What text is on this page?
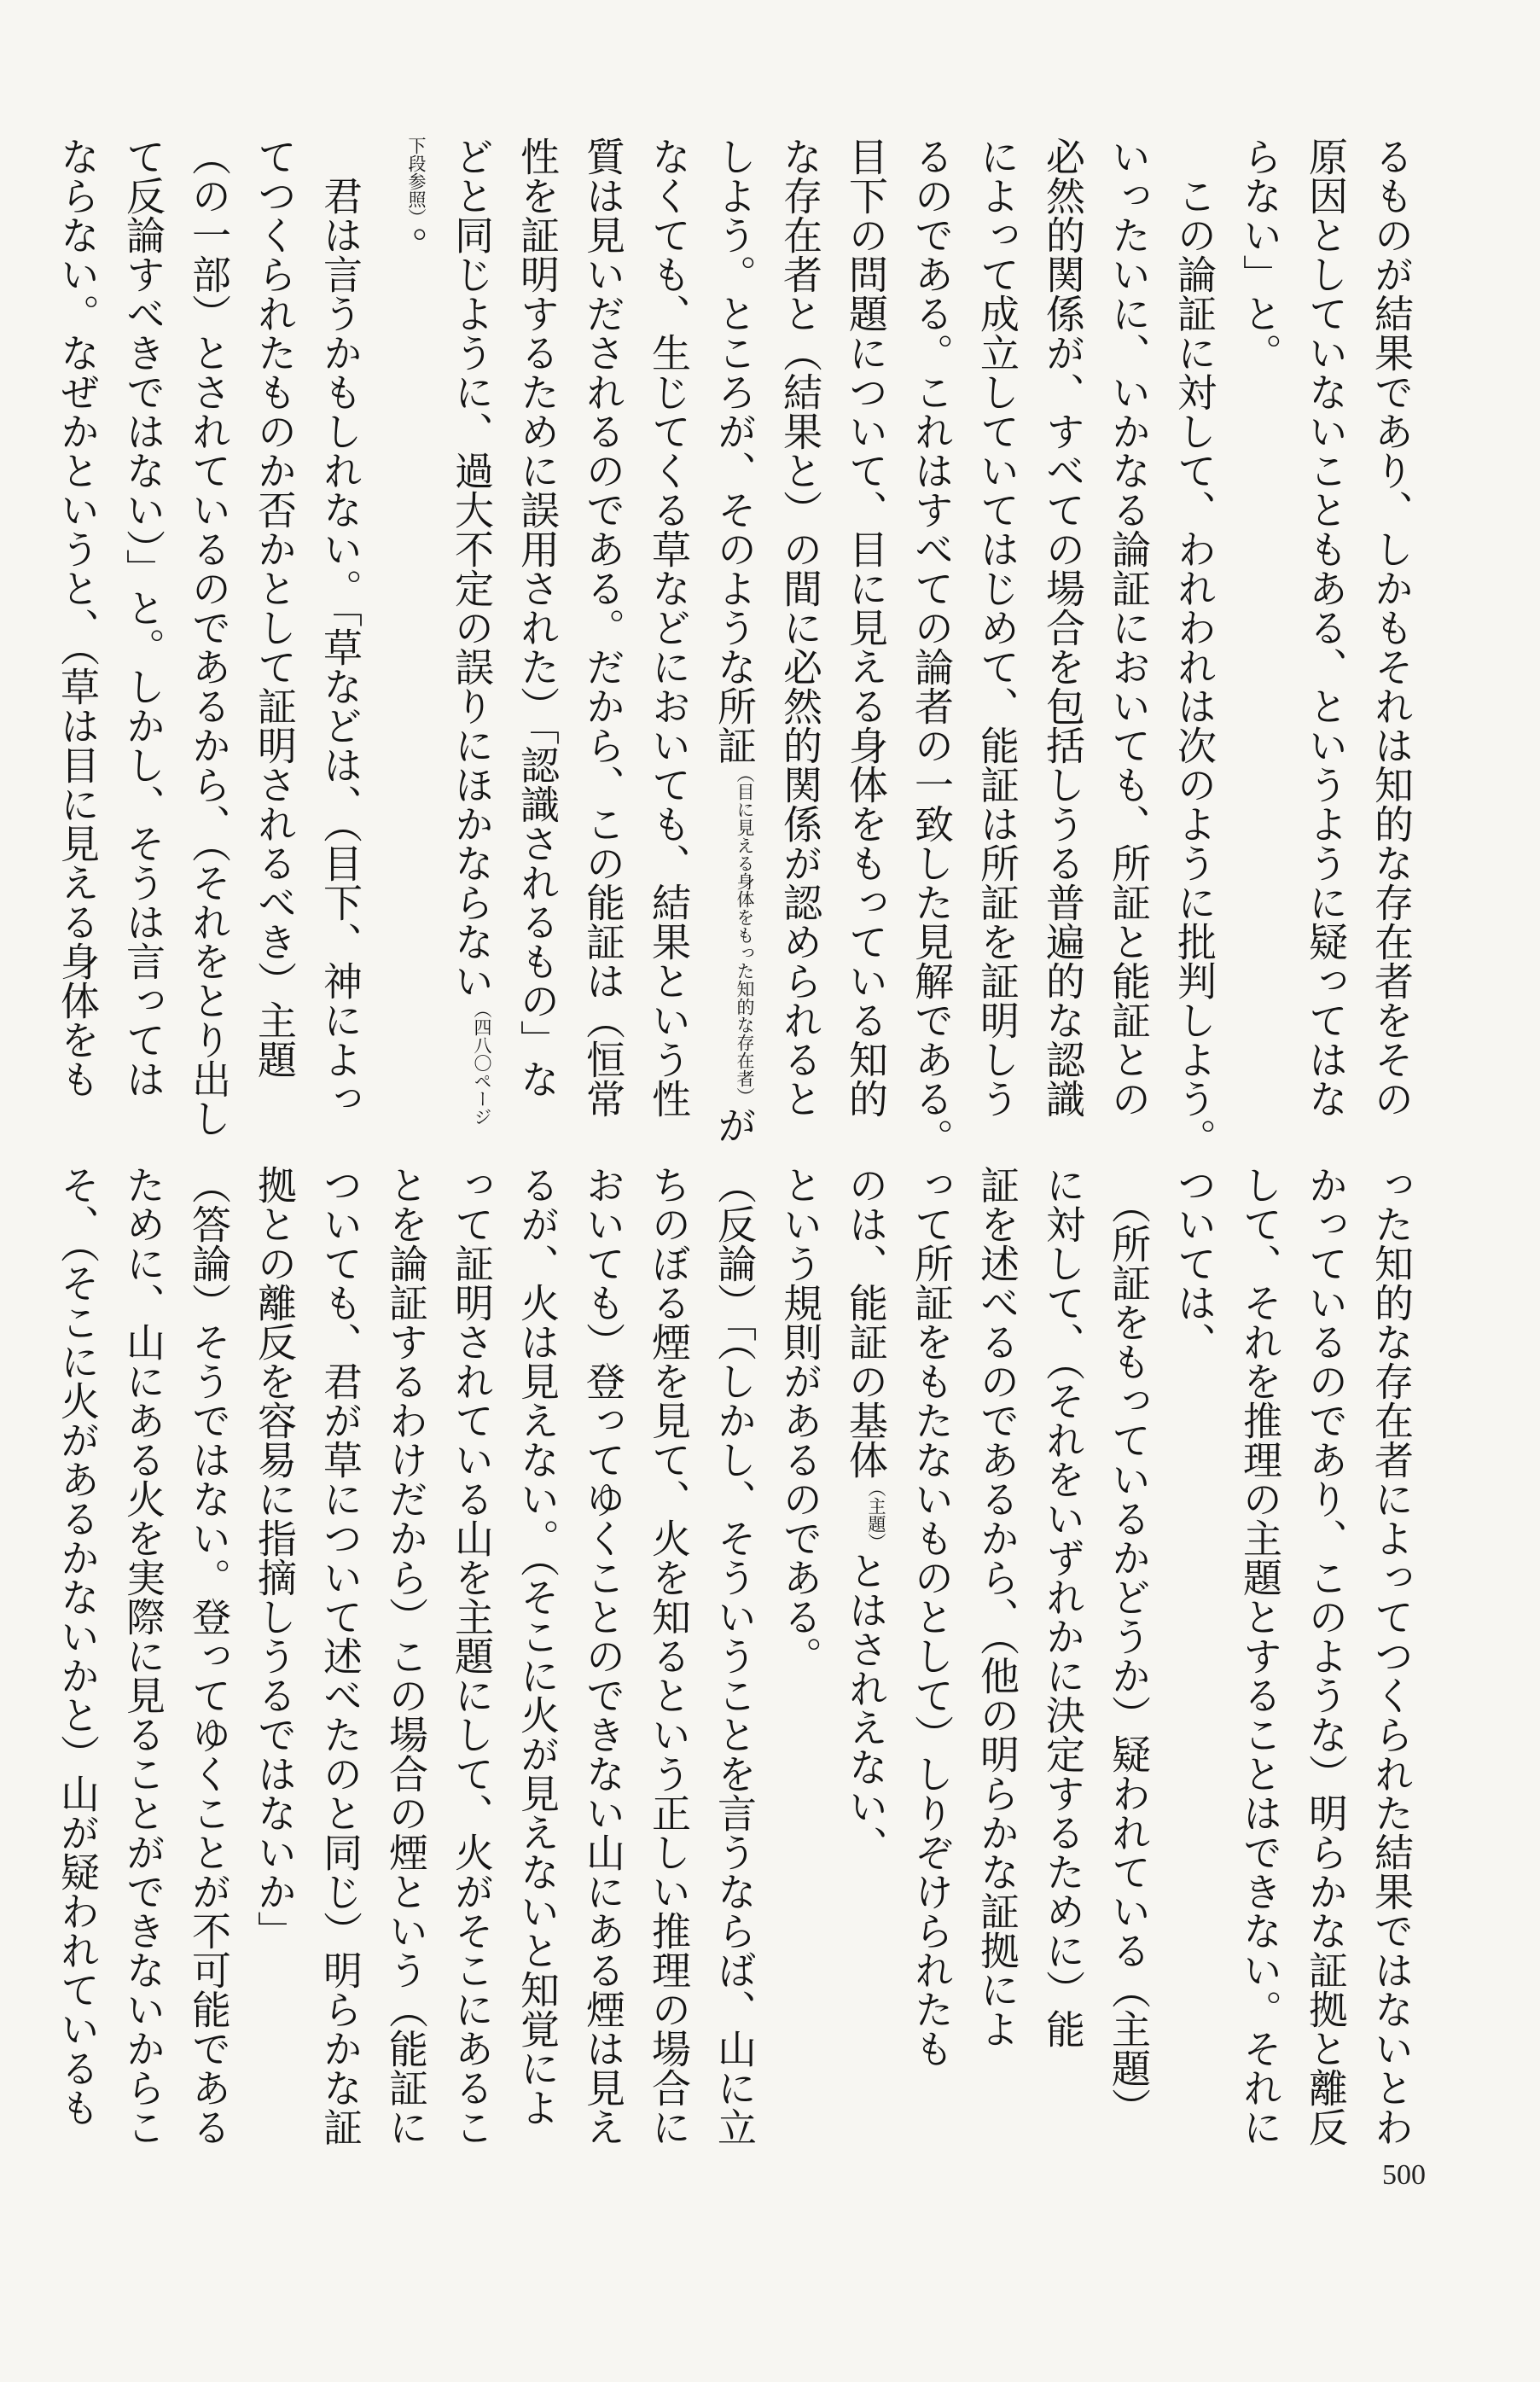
るものが結果であり、しかもそれは知的な存在者をその
原因としていないこともある、というように疑ってはな
らない」と。
　この論証に対して、われわれは次のように批判しよう。
いったいに、いかなる論証においても、所証と能証との
必然的関係が、すべての場合を包括しうる普遍的な認識
によって成立していてはじめて、能証は所証を証明しう
るのである。これはすべての論者の一致した見解である。
目下の問題について、目に見える身体をもっている知的
な存在者と（結果と）の間に必然的関係が認められると
しよう。ところが、そのような所証（目に見える身体をもった知的な存在者）が
なくても、生じてくる草などにおいても、結果という性
質は見いだされるのである。だから、この能証は（恒常
性を証明するために誤用された）「認識されるもの」な
どと同じように、過大不定の誤りにほかならない（四八〇ページ
下段参照）。
　君は言うかもしれない。「草などは、（目下、神によっ
てつくられたものか否かとして証明されるべき）主題
（の一部）とされているのであるから、（それをとり出し
て反論すべきではない）」と。しかし、そうは言っては
ならない。なぜかというと、（草は目に見える身体をも
った知的な存在者によってつくられた結果ではないとわ
かっているのであり、このような）明らかな証拠と離反
して、それを推理の主題とすることはできない。それに
ついては、
　（所証をもっているかどうか）疑われている（主題）
に対して、（それをいずれかに決定するために）能
証を述べるのであるから、（他の明らかな証拠によ
って所証をもたないものとして）しりぞけられたも
のは、能証の基体（主題）とはされえない、
という規則があるのである。
（反論）「（しかし、そういうことを言うならば、山に立
ちのぼる煙を見て、火を知るという正しい推理の場合に
おいても）登ってゆくことのできない山にある煙は見え
るが、火は見えない。（そこに火が見えないと知覚によ
って証明されている山を主題にして、火がそこにあるこ
とを論証するわけだから）この場合の煙という（能証に
ついても、君が草について述べたのと同じ）明らかな証
拠との離反を容易に指摘しうるではないか」
（答論）そうではない。登ってゆくことが不可能である
ために、山にある火を実際に見ることができないからこ
そ、（そこに火があるかないかと）山が疑われているも
500
